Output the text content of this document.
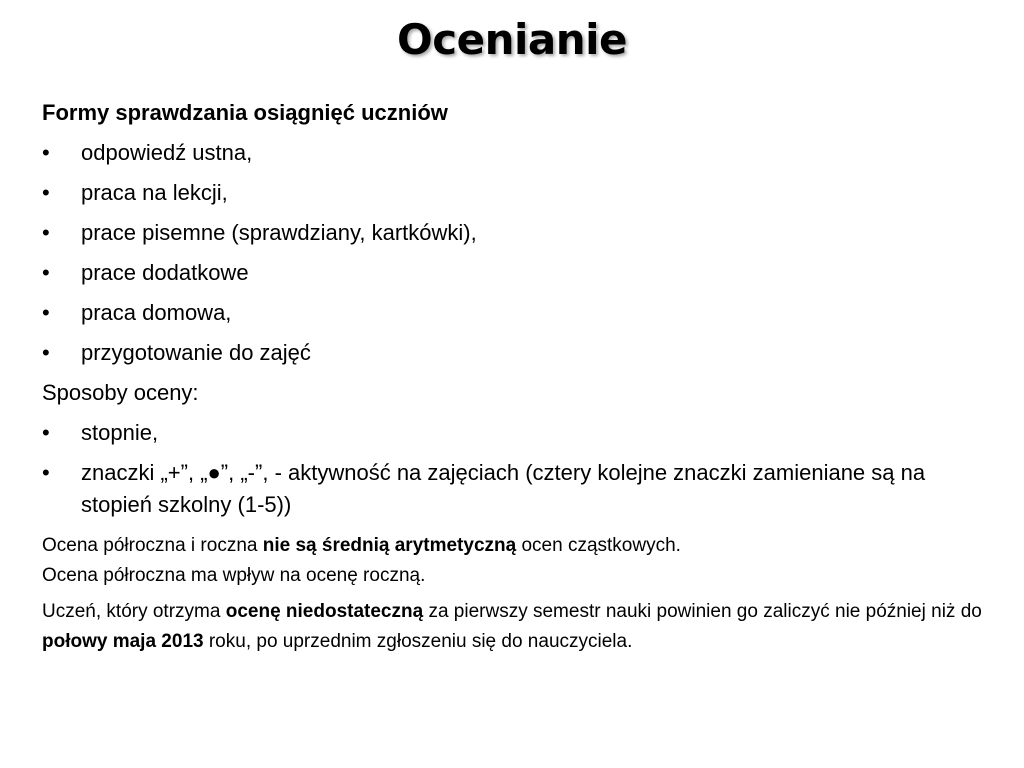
Ocenianie
Formy sprawdzania osiągnięć uczniów
• odpowiedź ustna,
• praca na lekcji,
• prace pisemne (sprawdziany, kartkówki),
• prace dodatkowe
• praca domowa,
• przygotowanie do zajęć
Sposoby oceny:
• stopnie,
• znaczki „+”, „●”, „-”, - aktywność na zajęciach (cztery kolejne znaczki zamieniane są na stopień szkolny (1-5))
Ocena półroczna i roczna nie są średnią arytmetyczną ocen cząstkowych.
Ocena półroczna ma wpływ na ocenę roczną.
Uczeń, który otrzyma ocenę niedostateczną za pierwszy semestr nauki powinien go zaliczyć nie później niż do połowy maja 2013 roku, po uprzednim zgłoszeniu się do nauczyciela.
